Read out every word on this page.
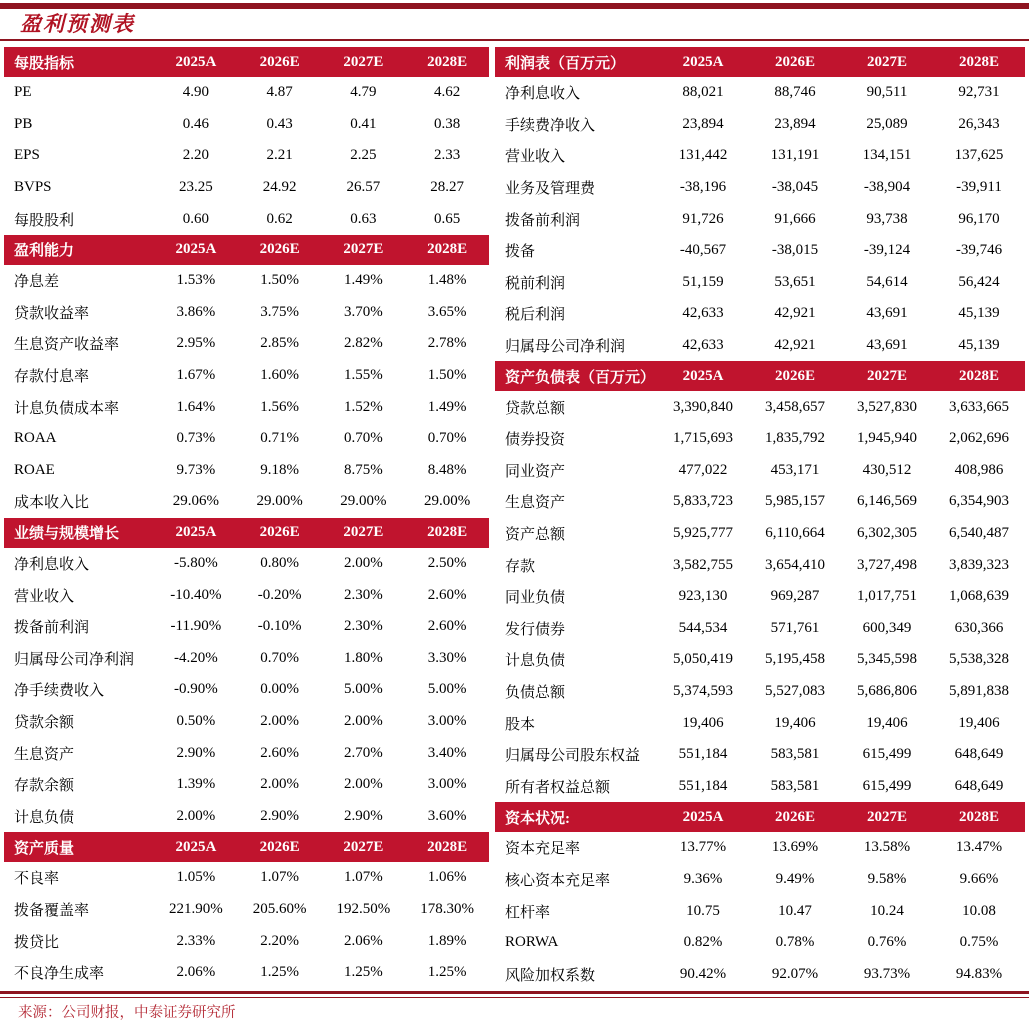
盈利预测表
每股指标	2025A	2026E	2027E	2028E
PE	4.90	4.87	4.79	4.62
PB	0.46	0.43	0.41	0.38
EPS	2.20	2.21	2.25	2.33
BVPS	23.25	24.92	26.57	28.27
每股股利	0.60	0.62	0.63	0.65
盈利能力	2025A	2026E	2027E	2028E
净息差	1.53%	1.50%	1.49%	1.48%
贷款收益率	3.86%	3.75%	3.70%	3.65%
生息资产收益率	2.95%	2.85%	2.82%	2.78%
存款付息率	1.67%	1.60%	1.55%	1.50%
计息负债成本率	1.64%	1.56%	1.52%	1.49%
ROAA	0.73%	0.71%	0.70%	0.70%
ROAE	9.73%	9.18%	8.75%	8.48%
成本收入比	29.06%	29.00%	29.00%	29.00%
业绩与规模增长	2025A	2026E	2027E	2028E
净利息收入	-5.80%	0.80%	2.00%	2.50%
营业收入	-10.40%	-0.20%	2.30%	2.60%
拨备前利润	-11.90%	-0.10%	2.30%	2.60%
归属母公司净利润	-4.20%	0.70%	1.80%	3.30%
净手续费收入	-0.90%	0.00%	5.00%	5.00%
贷款余额	0.50%	2.00%	2.00%	3.00%
生息资产	2.90%	2.60%	2.70%	3.40%
存款余额	1.39%	2.00%	2.00%	3.00%
计息负债	2.00%	2.90%	2.90%	3.60%
资产质量	2025A	2026E	2027E	2028E
不良率	1.05%	1.07%	1.07%	1.06%
拨备覆盖率	221.90%	205.60%	192.50%	178.30%
拨贷比	2.33%	2.20%	2.06%	1.89%
不良净生成率	2.06%	1.25%	1.25%	1.25%
利润表（百万元）	2025A	2026E	2027E	2028E
净利息收入	88,021	88,746	90,511	92,731
手续费净收入	23,894	23,894	25,089	26,343
营业收入	131,442	131,191	134,151	137,625
业务及管理费	-38,196	-38,045	-38,904	-39,911
拨备前利润	91,726	91,666	93,738	96,170
拨备	-40,567	-38,015	-39,124	-39,746
税前利润	51,159	53,651	54,614	56,424
税后利润	42,633	42,921	43,691	45,139
归属母公司净利润	42,633	42,921	43,691	45,139
资产负债表（百万元）	2025A	2026E	2027E	2028E
贷款总额	3,390,840	3,458,657	3,527,830	3,633,665
债券投资	1,715,693	1,835,792	1,945,940	2,062,696
同业资产	477,022	453,171	430,512	408,986
生息资产	5,833,723	5,985,157	6,146,569	6,354,903
资产总额	5,925,777	6,110,664	6,302,305	6,540,487
存款	3,582,755	3,654,410	3,727,498	3,839,323
同业负债	923,130	969,287	1,017,751	1,068,639
发行债券	544,534	571,761	600,349	630,366
计息负债	5,050,419	5,195,458	5,345,598	5,538,328
负债总额	5,374,593	5,527,083	5,686,806	5,891,838
股本	19,406	19,406	19,406	19,406
归属母公司股东权益	551,184	583,581	615,499	648,649
所有者权益总额	551,184	583,581	615,499	648,649
资本状况:	2025A	2026E	2027E	2028E
资本充足率	13.77%	13.69%	13.58%	13.47%
核心资本充足率	9.36%	9.49%	9.58%	9.66%
杠杆率	10.75	10.47	10.24	10.08
RORWA	0.82%	0.78%	0.76%	0.75%
风险加权系数	90.42%	92.07%	93.73%	94.83%
来源：公司财报，中泰证券研究所
